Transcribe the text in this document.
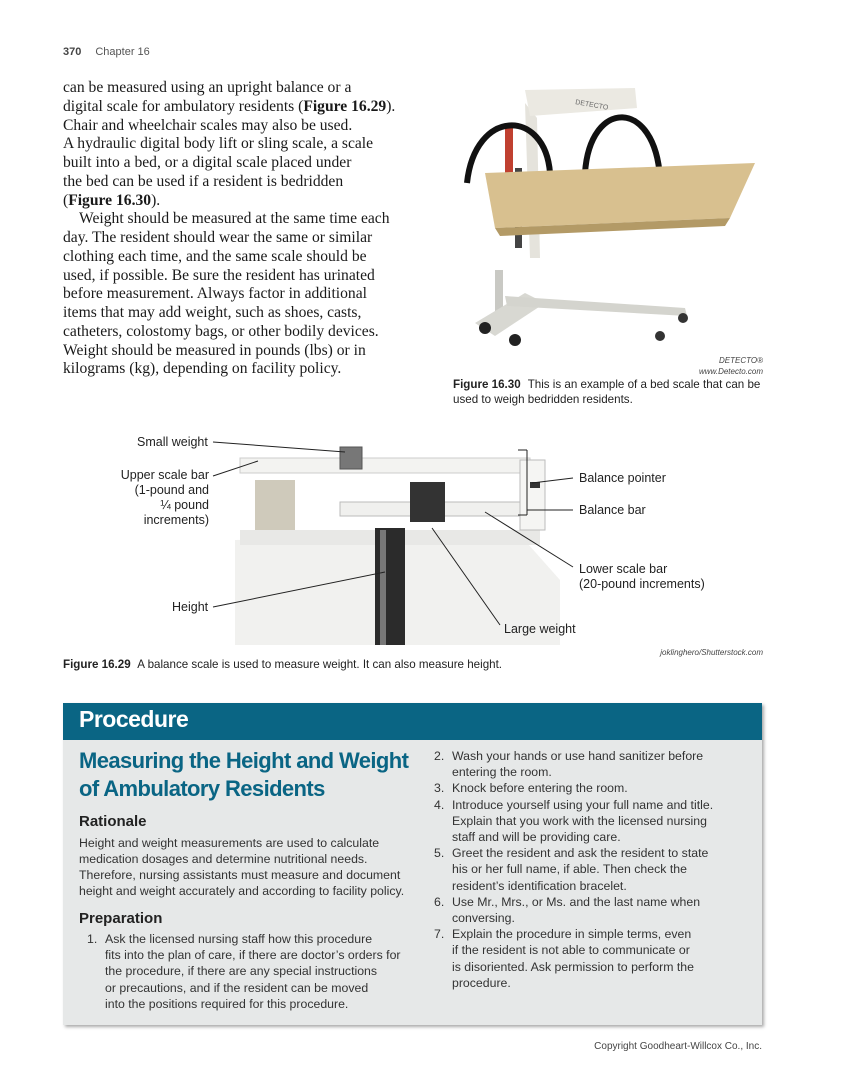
370 Chapter 16
can be measured using an upright balance or a
digital scale for ambulatory residents (Figure 16.29).
Chair and wheelchair scales may also be used.
A hydraulic digital body lift or sling scale, a scale
built into a bed, or a digital scale placed under
the bed can be used if a resident is bedridden
(Figure 16.30).
Weight should be measured at the same time each
day. The resident should wear the same or similar
clothing each time, and the same scale should be
used, if possible. Be sure the resident has urinated
before measurement. Always factor in additional
items that may add weight, such as shoes, casts,
catheters, colostomy bags, or other bodily devices.
Weight should be measured in pounds (lbs) or in
kilograms (kg), depending on facility policy.
DETECTO
DETECTO®
www.Detecto.com
Figure 16.30 This is an example of a bed scale that can be
used to weigh bedridden residents.
Small weight
Upper scale bar
(1-pound and
¼ pound
increments)
Height
Balance pointer
Balance bar
Lower scale bar
(20-pound increments)
Large weight
joklinghero/Shutterstock.com
Figure 16.29 A balance scale is used to measure weight. It can also measure height.
Procedure
Measuring the Height and Weight
of Ambulatory Residents
Rationale
Height and weight measurements are used to calculate
medication dosages and determine nutritional needs.
Therefore, nursing assistants must measure and document
height and weight accurately and according to facility policy.
Preparation
1. Ask the licensed nursing staff how this procedure
fits into the plan of care, if there are doctor’s orders for
the procedure, if there are any special instructions
or precautions, and if the resident can be moved
into the positions required for this procedure.
2. Wash your hands or use hand sanitizer before
entering the room.
3. Knock before entering the room.
4. Introduce yourself using your full name and title.
Explain that you work with the licensed nursing
staff and will be providing care.
5. Greet the resident and ask the resident to state
his or her full name, if able. Then check the
resident’s identification bracelet.
6. Use Mr., Mrs., or Ms. and the last name when
conversing.
7. Explain the procedure in simple terms, even
if the resident is not able to communicate or
is disoriented. Ask permission to perform the
procedure.
Copyright Goodheart-Willcox Co., Inc.
